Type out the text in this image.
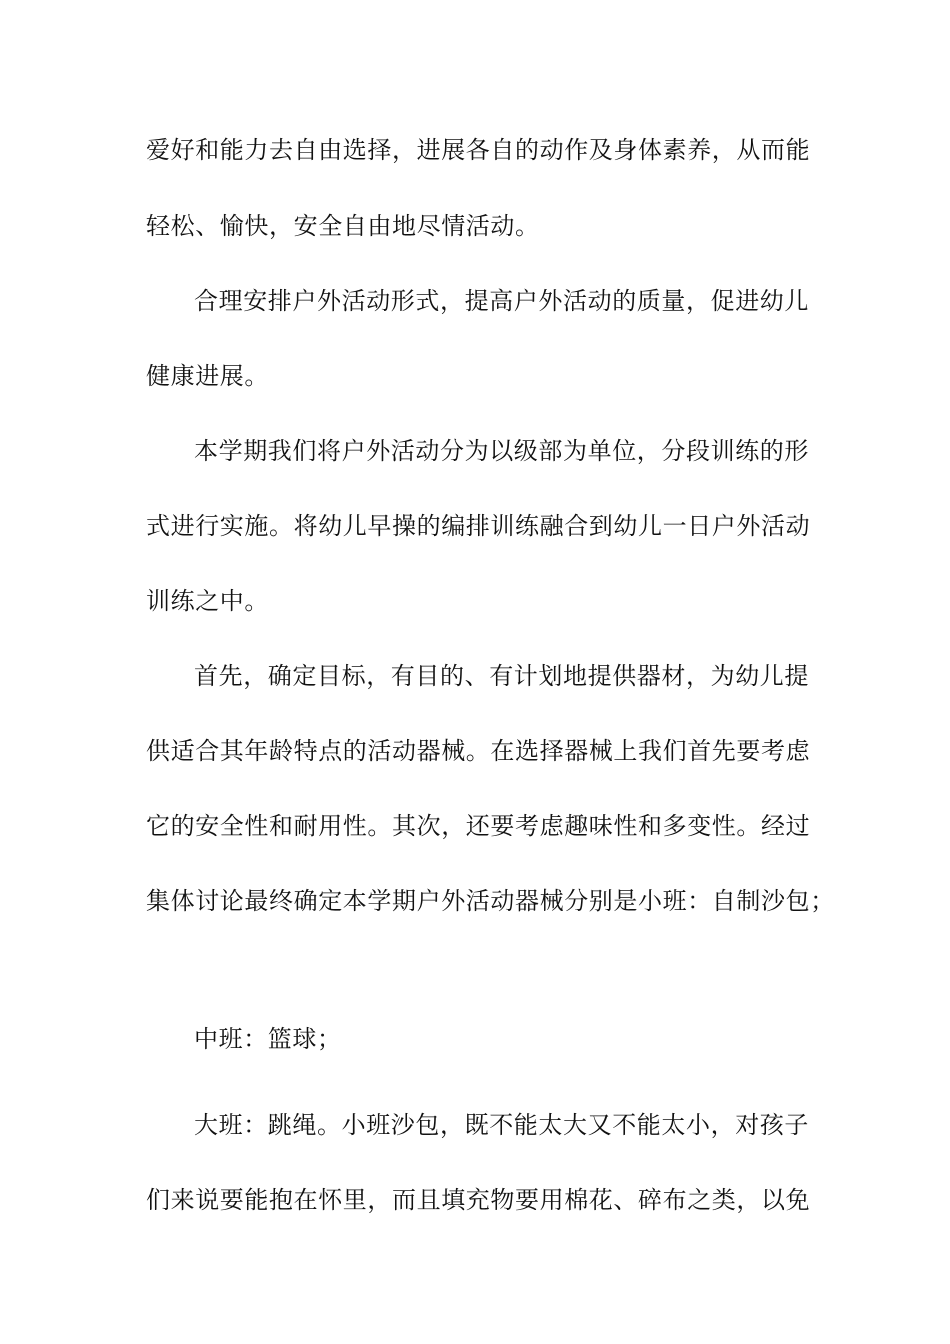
爱好和能力去自由选择，进展各自的动作及身体素养，从而能

轻松、愉快，安全自由地尽情活动。

合理安排户外活动形式，提高户外活动的质量，促进幼儿

健康进展。

本学期我们将户外活动分为以级部为单位，分段训练的形

式进行实施。将幼儿早操的编排训练融合到幼儿一日户外活动

训练之中。

首先，确定目标，有目的、有计划地提供器材，为幼儿提

供适合其年龄特点的活动器械。在选择器械上我们首先要考虑

它的安全性和耐用性。其次，还要考虑趣味性和多变性。经过

集体讨论最终确定本学期户外活动器械分别是小班：自制沙包；

中班：篮球；

大班：跳绳。小班沙包，既不能太大又不能太小，对孩子

们来说要能抱在怀里，而且填充物要用棉花、碎布之类，以免
